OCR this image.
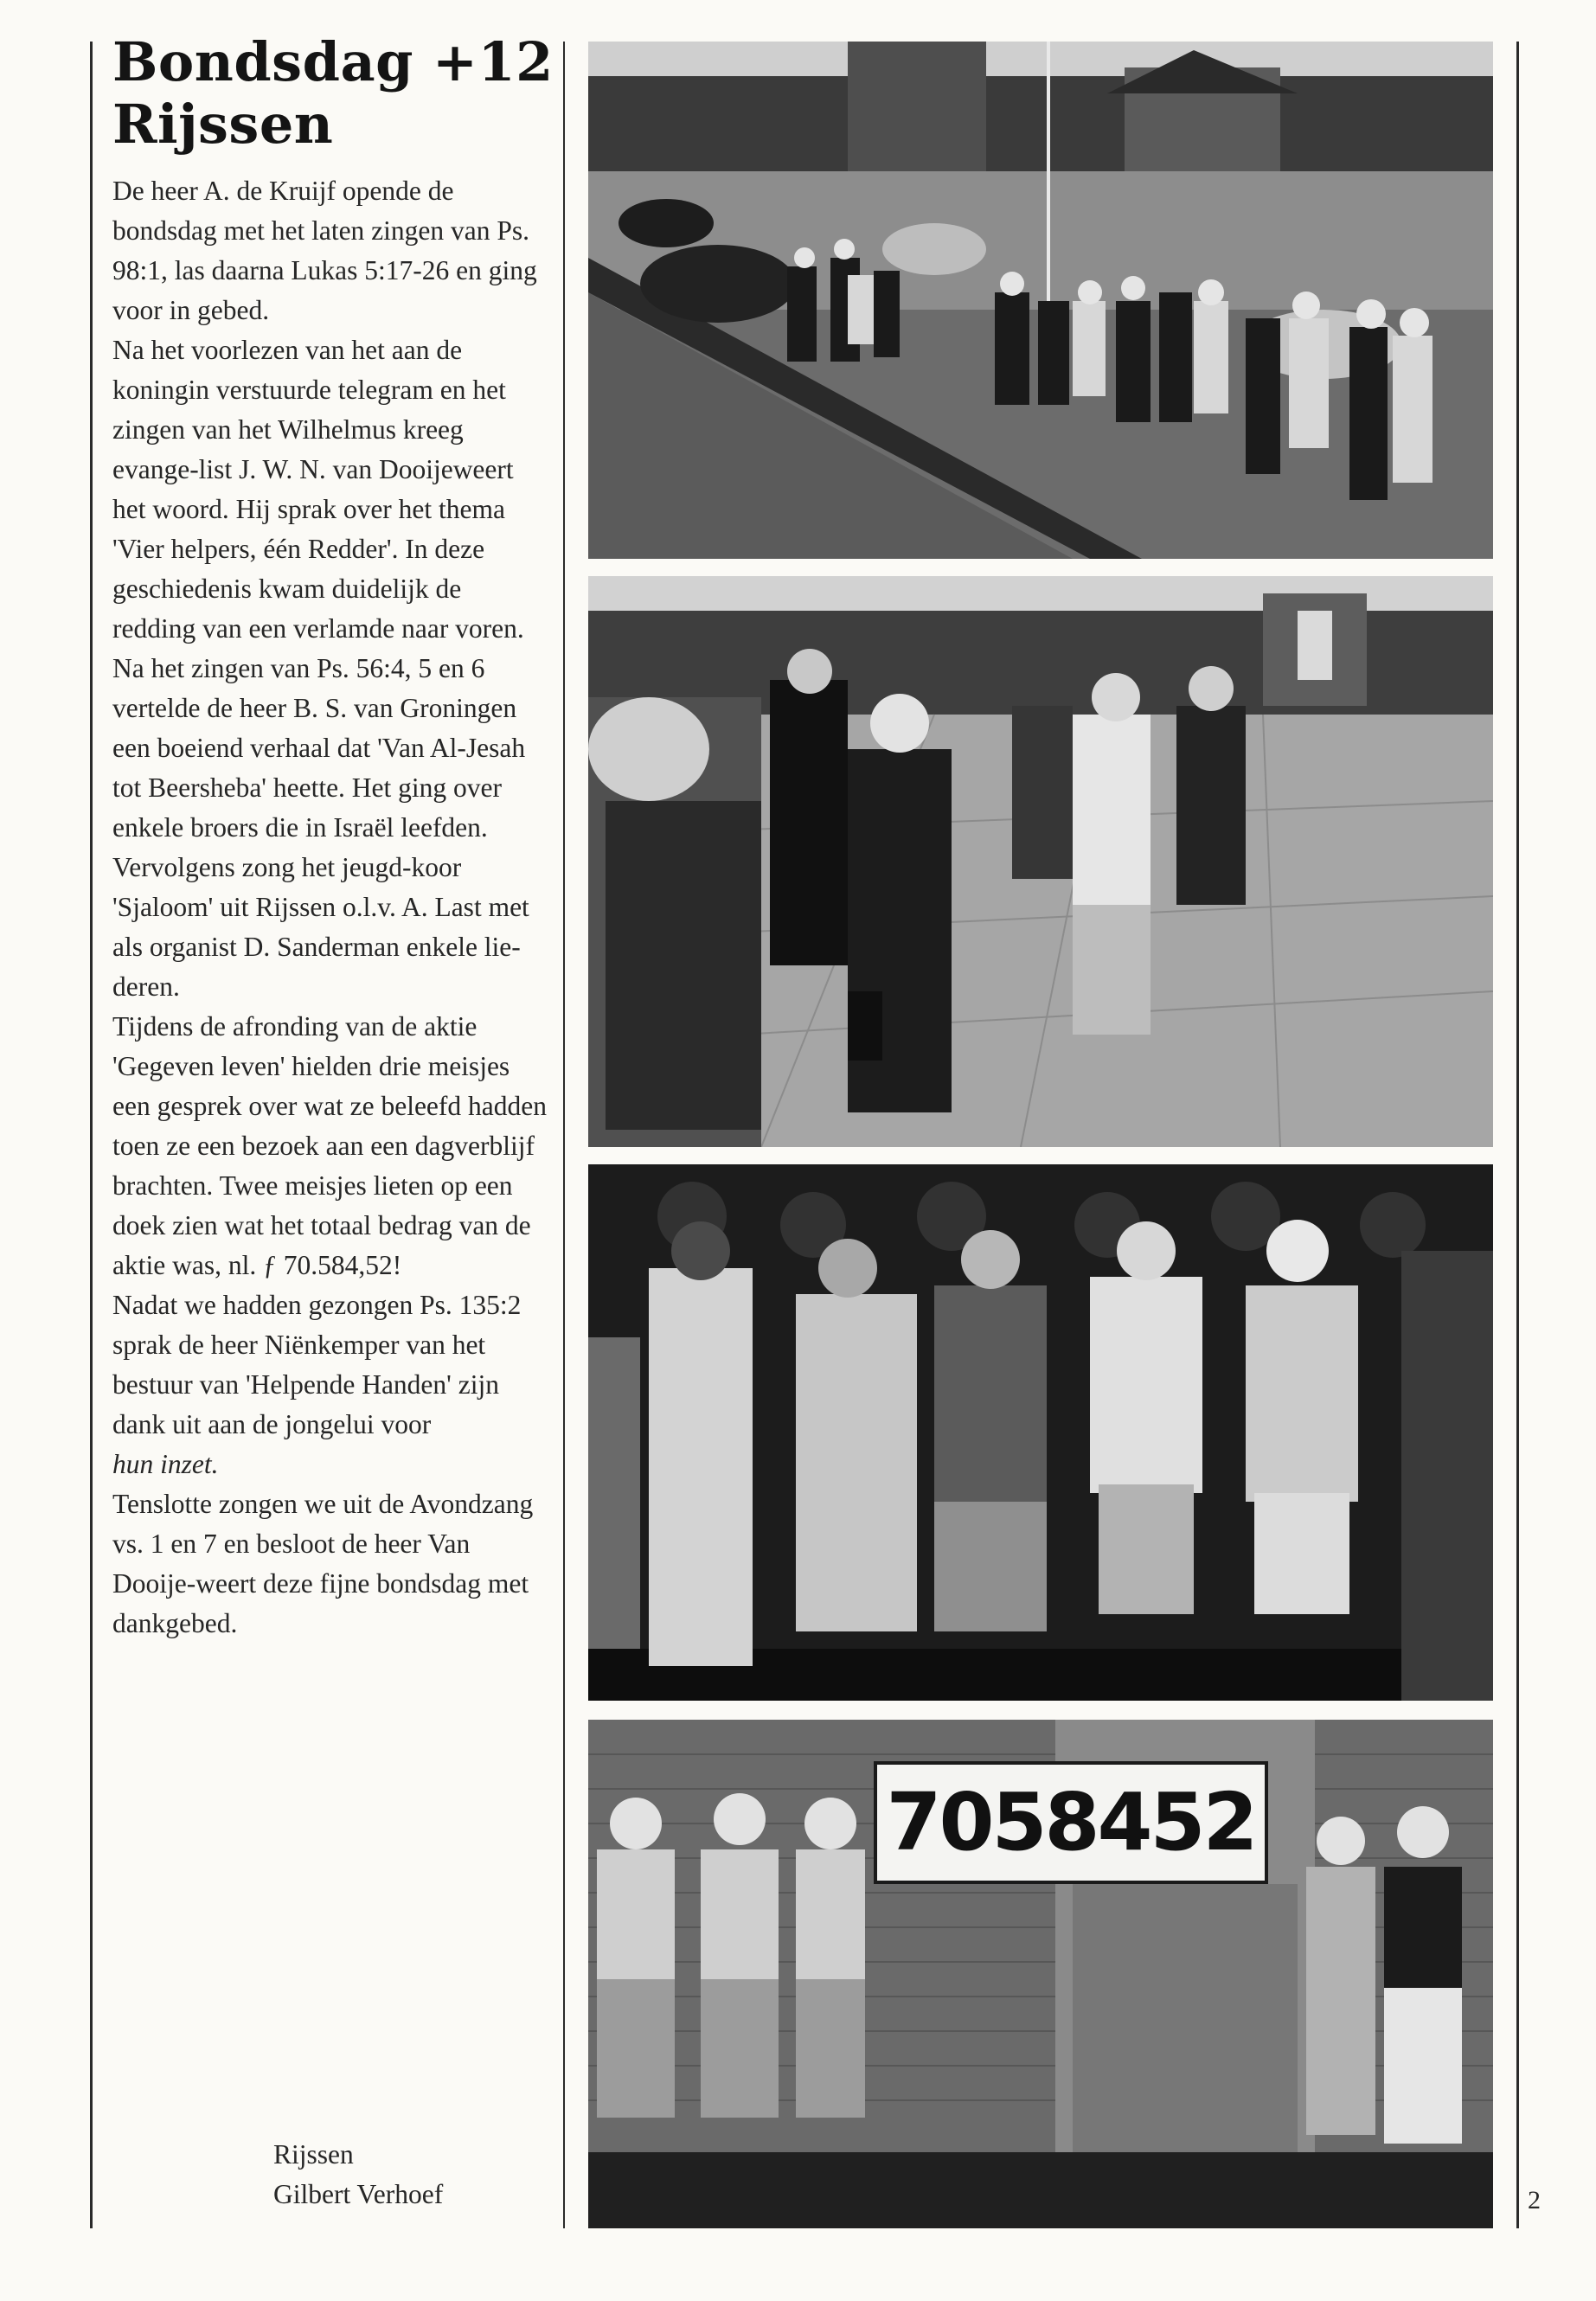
Bondsdag +12
Rijssen

De heer A. de Kruijf opende de bondsdag met het laten zingen van Ps. 98:1, las daarna Lukas 5:17-26 en ging voor in gebed.

Na het voorlezen van het aan de koningin verstuurde telegram en het zingen van het Wilhelmus kreeg evange-list J. W. N. van Dooijeweert het woord. Hij sprak over het thema 'Vier helpers, één Redder'. In deze geschiedenis kwam duidelijk de redding van een verlamde naar voren.

Na het zingen van Ps. 56:4, 5 en 6 vertelde de heer B. S. van Groningen een boeiend verhaal dat 'Van Al-Jesah tot Beersheba' heette. Het ging over enkele broers die in Israël leefden.

Vervolgens zong het jeugd-koor 'Sjaloom' uit Rijssen o.l.v. A. Last met als organist D. Sanderman enkele lie-deren.

Tijdens de afronding van de aktie 'Gegeven leven' hielden drie meisjes een gesprek over wat ze beleefd hadden toen ze een bezoek aan een dagverblijf brachten. Twee meisjes lieten op een doek zien wat het totaal bedrag van de aktie was, nl. ƒ 70.584,52!

Nadat we hadden gezongen Ps. 135:2 sprak de heer Niënkemper van het bestuur van 'Helpende Handen' zijn dank uit aan de jongelui voor
hun inzet.

Tenslotte zongen we uit de Avondzang vs. 1 en 7 en besloot de heer Van Dooije-weert deze fijne bondsdag met dankgebed.

Rijssen
Gilbert Verhoef	2
7058452
